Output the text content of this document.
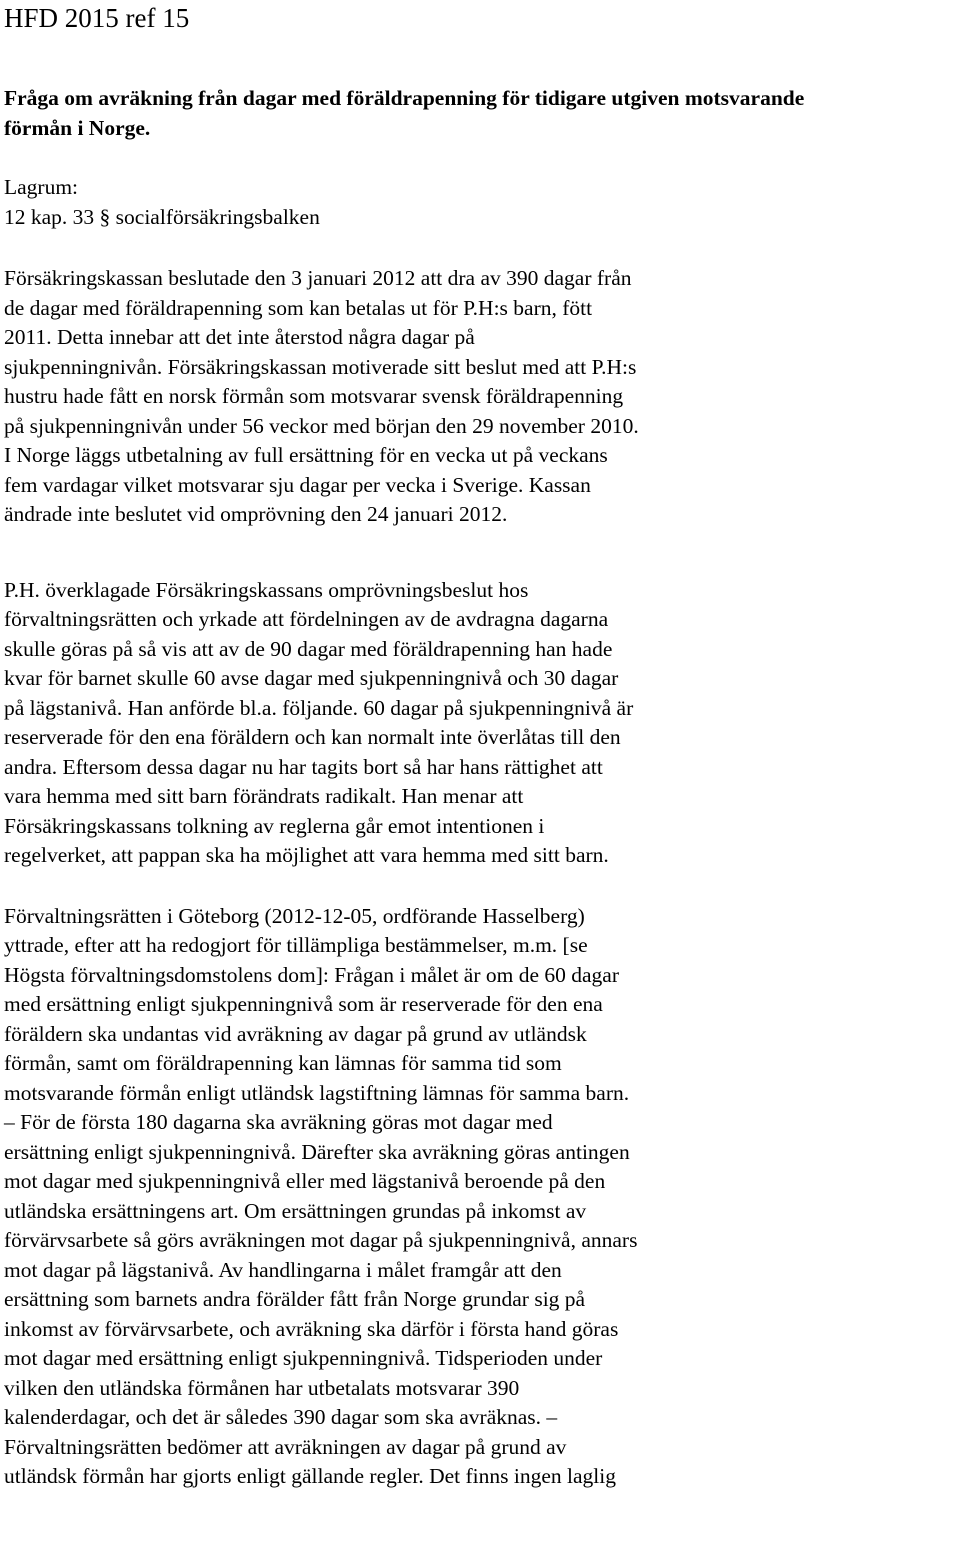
HFD 2015 ref 15

Fråga om avräkning från dagar med föräldrapenning för tidigare utgiven motsvarande
förmån i Norge.

Lagrum:
12 kap. 33 § socialförsäkringsbalken

Försäkringskassan beslutade den 3 januari 2012 att dra av 390 dagar från
de dagar med föräldrapenning som kan betalas ut för P.H:s barn, fött
2011. Detta innebar att det inte återstod några dagar på
sjukpenningnivån. Försäkringskassan motiverade sitt beslut med att P.H:s
hustru hade fått en norsk förmån som motsvarar svensk föräldrapenning
på sjukpenningnivån under 56 veckor med början den 29 november 2010.
I Norge läggs utbetalning av full ersättning för en vecka ut på veckans
fem vardagar vilket motsvarar sju dagar per vecka i Sverige. Kassan
ändrade inte beslutet vid omprövning den 24 januari 2012.

P.H. överklagade Försäkringskassans omprövningsbeslut hos
förvaltningsrätten och yrkade att fördelningen av de avdragna dagarna
skulle göras på så vis att av de 90 dagar med föräldrapenning han hade
kvar för barnet skulle 60 avse dagar med sjukpenningnivå och 30 dagar
på lägstanivå. Han anförde bl.a. följande. 60 dagar på sjukpenningnivå är
reserverade för den ena föräldern och kan normalt inte överlåtas till den
andra. Eftersom dessa dagar nu har tagits bort så har hans rättighet att
vara hemma med sitt barn förändrats radikalt. Han menar att
Försäkringskassans tolkning av reglerna går emot intentionen i
regelverket, att pappan ska ha möjlighet att vara hemma med sitt barn.

Förvaltningsrätten i Göteborg (2012-12-05, ordförande Hasselberg)
yttrade, efter att ha redogjort för tillämpliga bestämmelser, m.m. [se
Högsta förvaltningsdomstolens dom]: Frågan i målet är om de 60 dagar
med ersättning enligt sjukpenningnivå som är reserverade för den ena
föräldern ska undantas vid avräkning av dagar på grund av utländsk
förmån, samt om föräldrapenning kan lämnas för samma tid som
motsvarande förmån enligt utländsk lagstiftning lämnas för samma barn.
– För de första 180 dagarna ska avräkning göras mot dagar med
ersättning enligt sjukpenningnivå. Därefter ska avräkning göras antingen
mot dagar med sjukpenningnivå eller med lägstanivå beroende på den
utländska ersättningens art. Om ersättningen grundas på inkomst av
förvärvsarbete så görs avräkningen mot dagar på sjukpenningnivå, annars
mot dagar på lägstanivå. Av handlingarna i målet framgår att den
ersättning som barnets andra förälder fått från Norge grundar sig på
inkomst av förvärvsarbete, och avräkning ska därför i första hand göras
mot dagar med ersättning enligt sjukpenningnivå. Tidsperioden under
vilken den utländska förmånen har utbetalats motsvarar 390
kalenderdagar, och det är således 390 dagar som ska avräknas. –
Förvaltningsrätten bedömer att avräkningen av dagar på grund av
utländsk förmån har gjorts enligt gällande regler. Det finns ingen laglig
